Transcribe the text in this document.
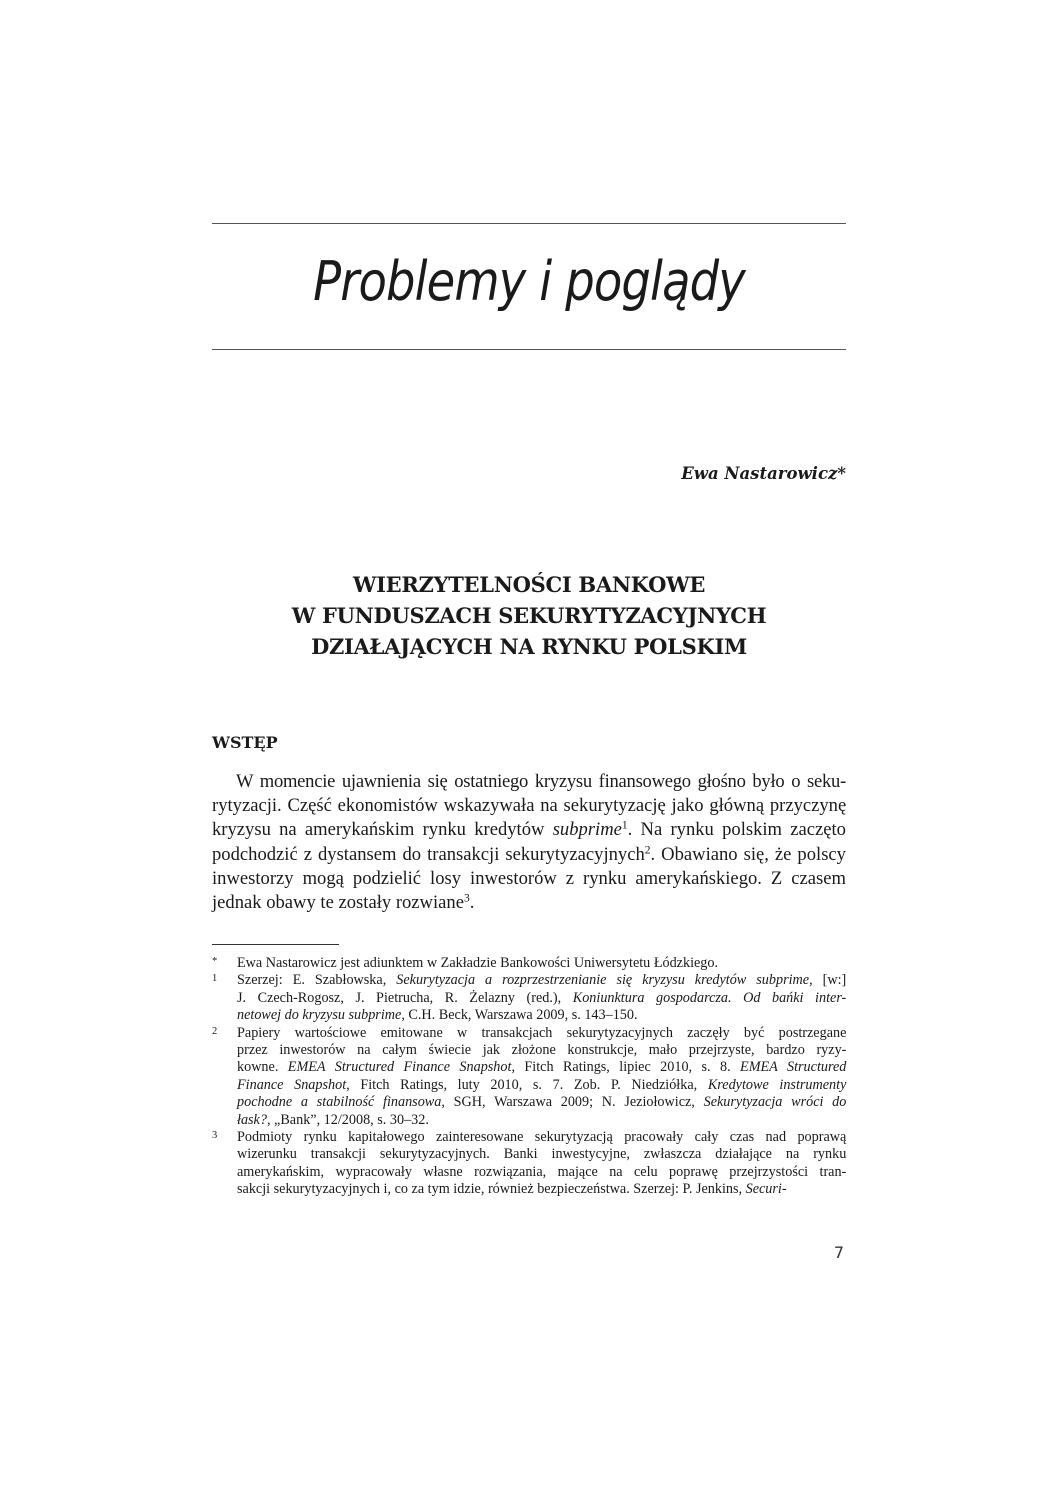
Problemy i poglądy
Ewa Nastarowicz*
WIERZYTELNOŚCI BANKOWE
W FUNDUSZACH SEKURYTYZACYJNYCH
DZIAŁAJĄCYCH NA RYNKU POLSKIM
WSTĘP
W momencie ujawnienia się ostatniego kryzysu finansowego głośno było o seku-
rytyzacji. Część ekonomistów wskazywała na sekurytyzację jako główną przyczynę
kryzysu na amerykańskim rynku kredytów subprime$^1$. Na rynku polskim zaczęto
podchodzić z dystansem do transakcji sekurytyzacyjnych$^2$. Obawiano się, że polscy
inwestorzy mogą podzielić losy inwestorów z rynku amerykańskiego. Z czasem
jednak obawy te zostały rozwiane$^3$.
*	Ewa Nastarowicz jest adiunktem w Zakładzie Bankowości Uniwersytetu Łódzkiego.
1	Szerzej: E. Szabłowska, Sekurytyzacja a rozprzestrzenianie się kryzysu kredytów subprime, [w:]
J. Czech-Rogosz, J. Pietrucha, R. Żelazny (red.), Koniunktura gospodarcza. Od bańki inter-
netowej do kryzysu subprime, C.H. Beck, Warszawa 2009, s. 143–150.
2	Papiery wartościowe emitowane w transakcjach sekurytyzacyjnych zaczęły być postrzegane
przez inwestorów na całym świecie jak złożone konstrukcje, mało przejrzyste, bardzo ryzy-
kowne. EMEA Structured Finance Snapshot, Fitch Ratings, lipiec 2010, s. 8. EMEA Structured
Finance Snapshot, Fitch Ratings, luty 2010, s. 7. Zob. P. Niedziółka, Kredytowe instrumenty
pochodne a stabilność finansowa, SGH, Warszawa 2009; N. Jeziołowicz, Sekurytyzacja wróci do
łask?, „Bank”, 12/2008, s. 30–32.
3	Podmioty rynku kapitałowego zainteresowane sekurytyzacją pracowały cały czas nad poprawą
wizerunku transakcji sekurytyzacyjnych. Banki inwestycyjne, zwłaszcza działające na rynku
amerykańskim, wypracowały własne rozwiązania, mające na celu poprawę przejrzystości tran-
sakcji sekurytyzacyjnych i, co za tym idzie, również bezpieczeństwa. Szerzej: P. Jenkins, Securi-
7
